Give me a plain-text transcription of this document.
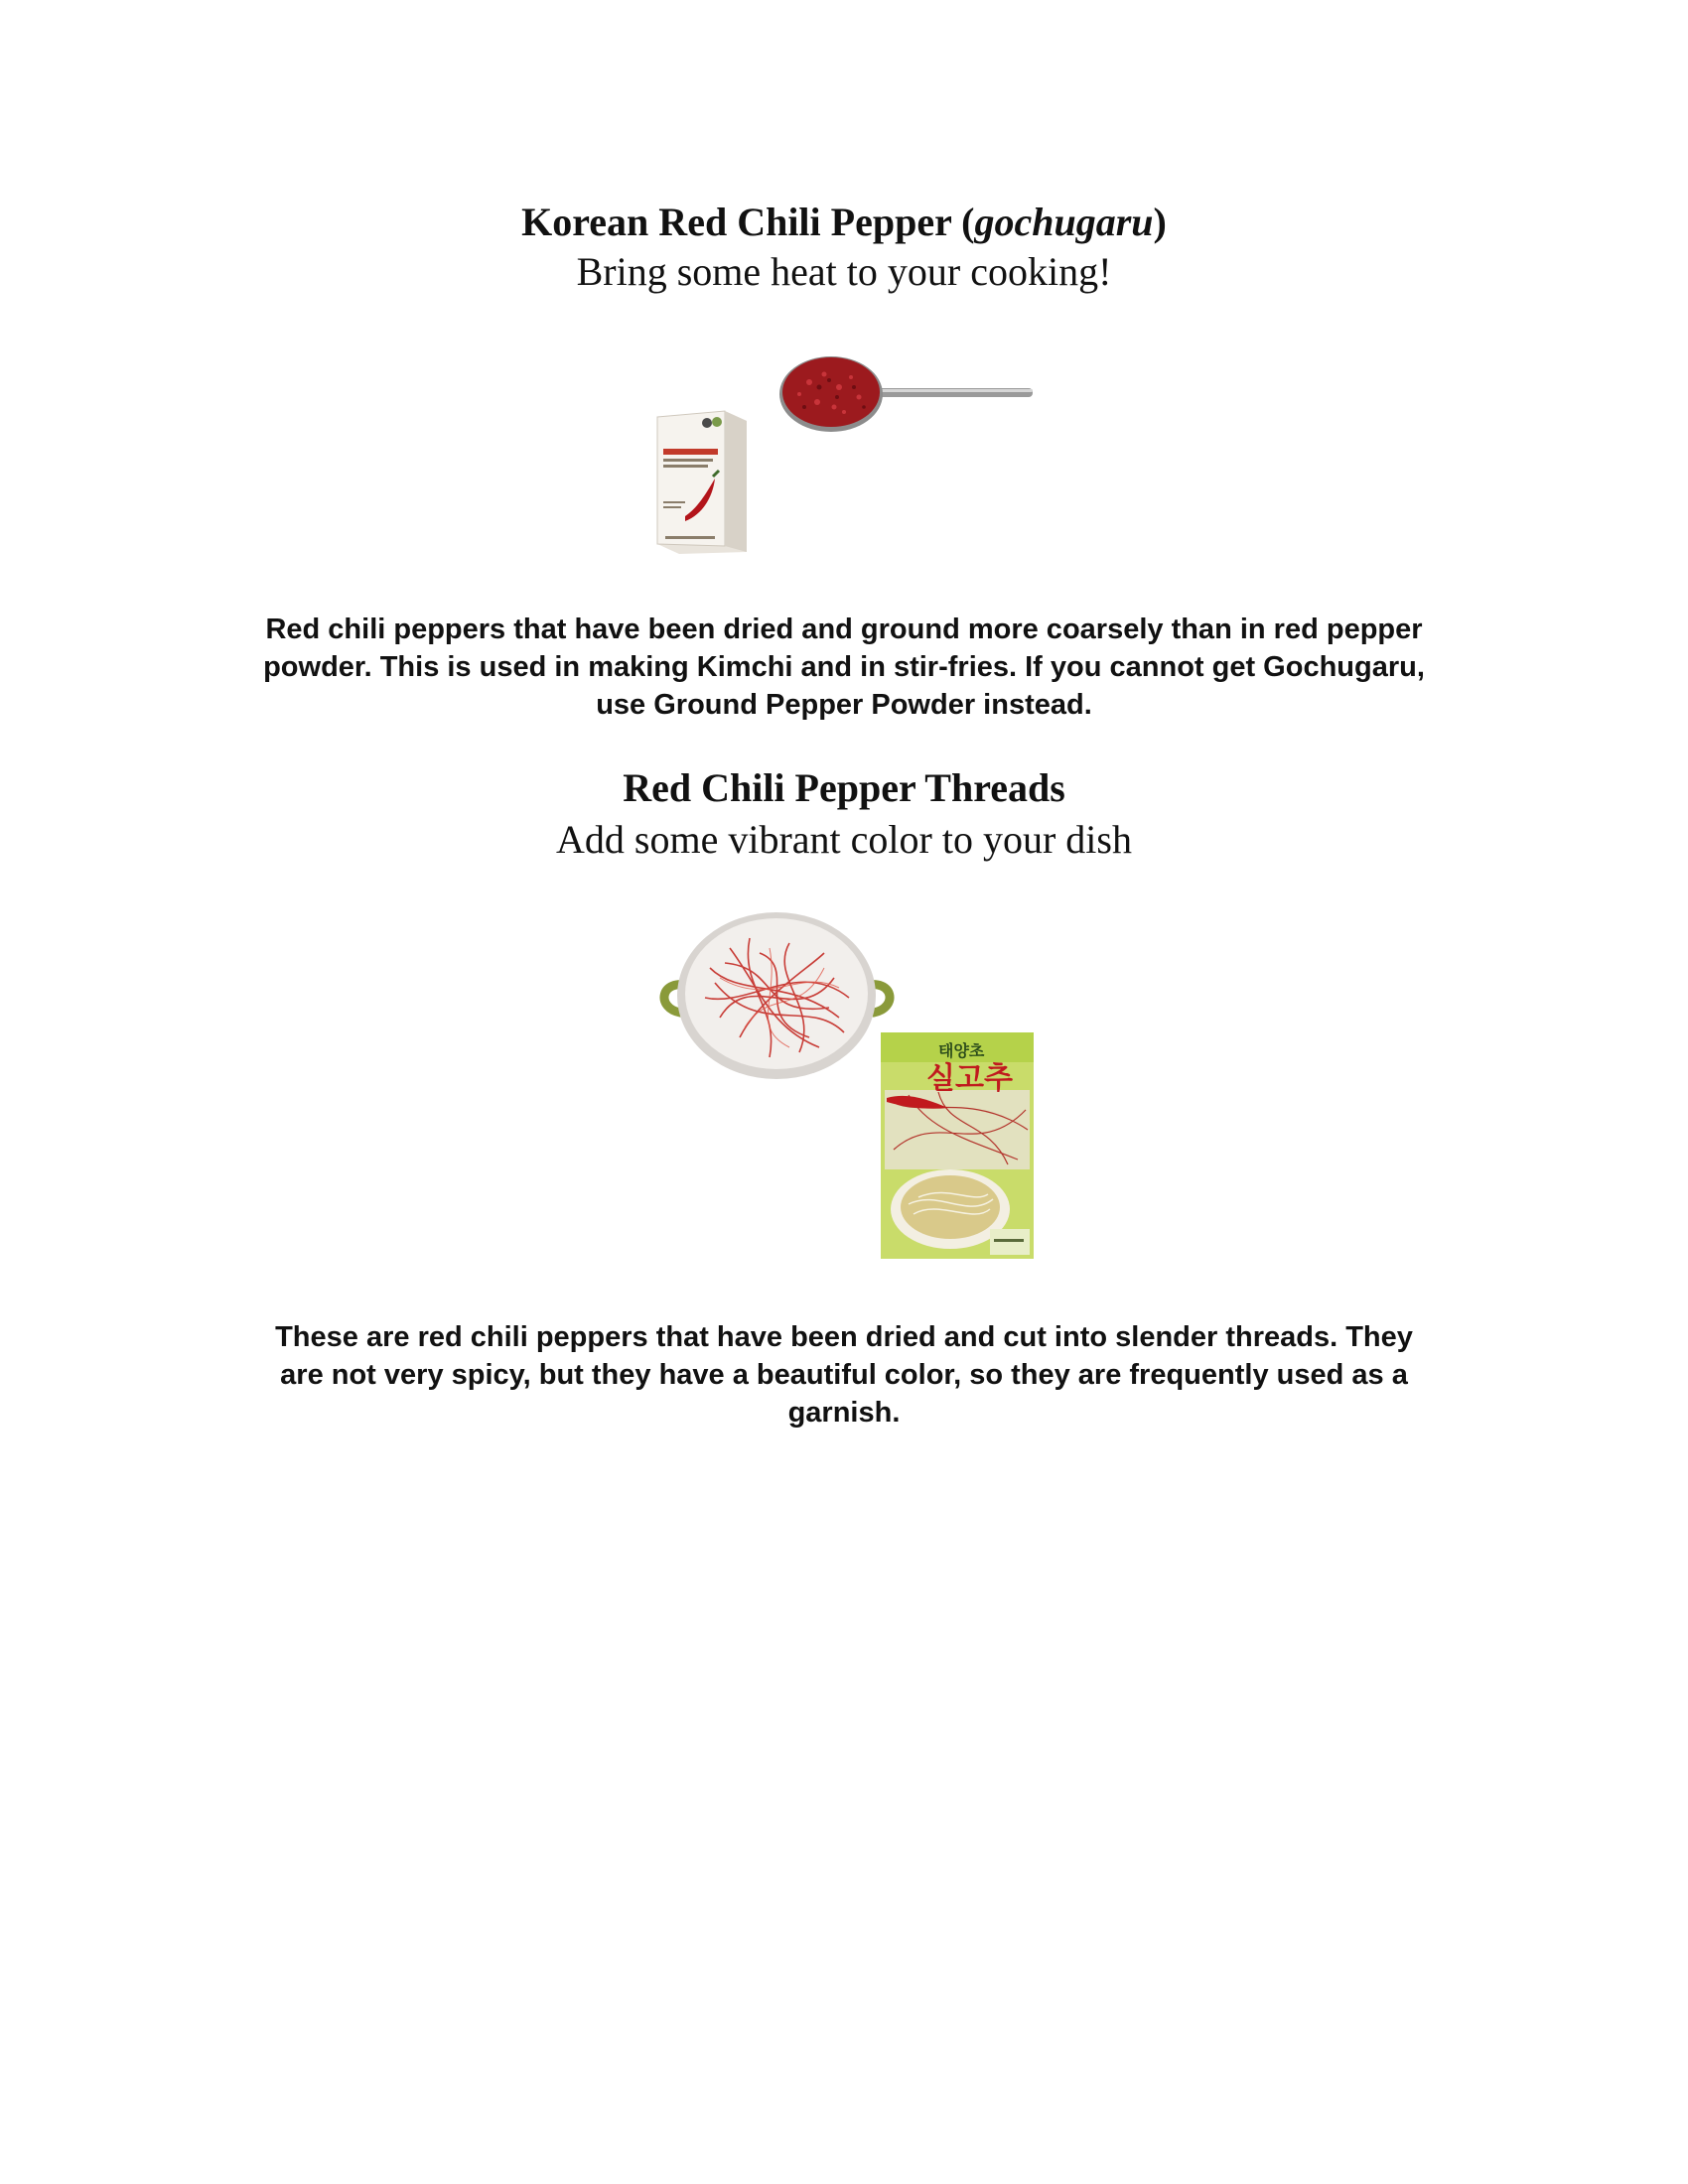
Korean Red Chili Pepper (gochugaru)
Bring some heat to your cooking!
Red chili peppers that have been dried and ground more coarsely than in red pepper
powder. This is used in making Kimchi and in stir-fries. If you cannot get Gochugaru,
use Ground Pepper Powder instead.
Red Chili Pepper Threads
Add some vibrant color to your dish
실고추
태양초
These are red chili peppers that have been dried and cut into slender threads. They
are not very spicy, but they have a beautiful color, so they are frequently used as a
garnish.
